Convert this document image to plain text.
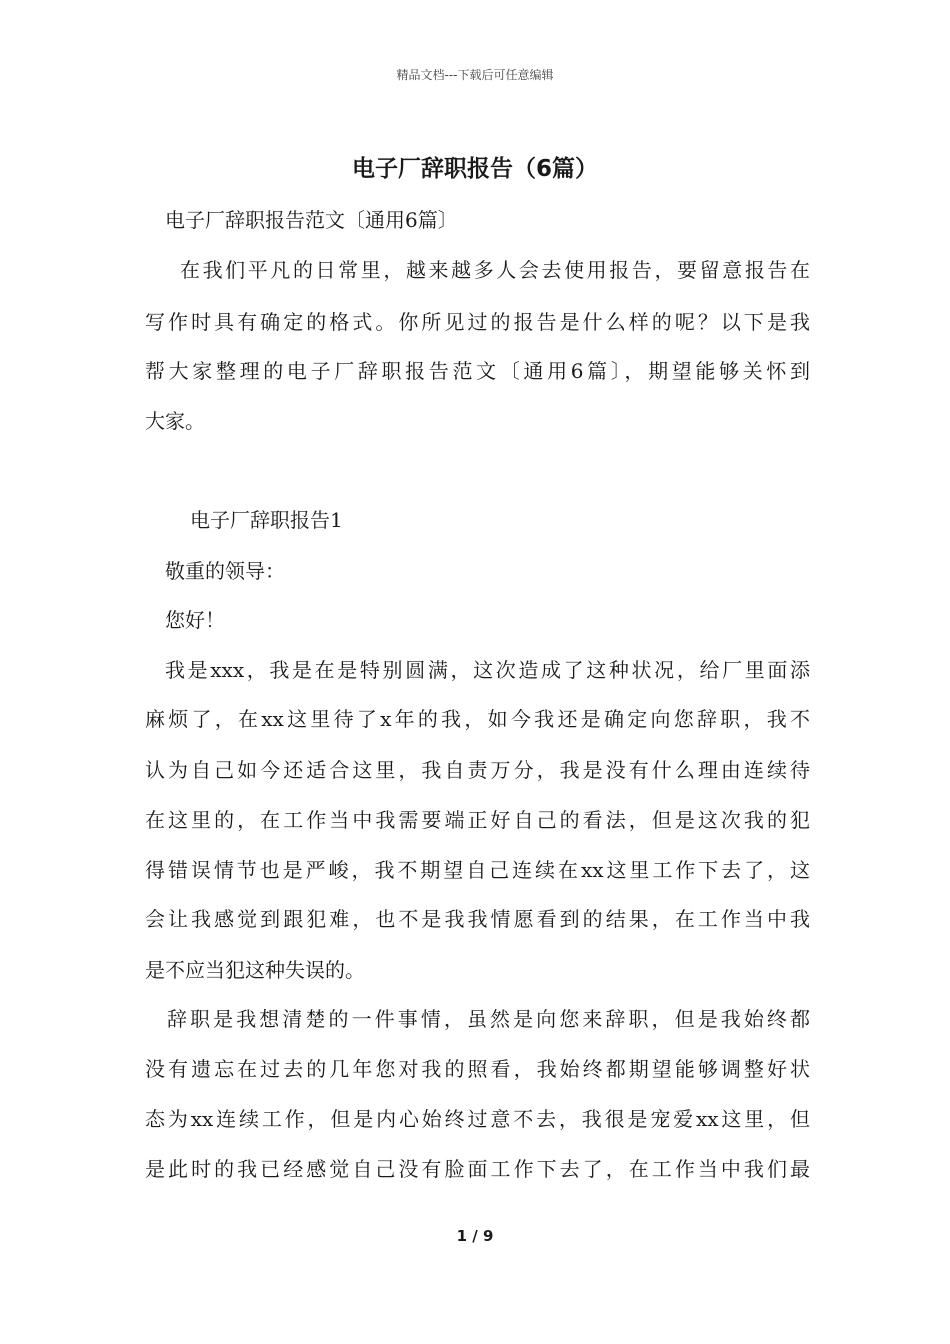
精品文档---下载后可任意编辑
电子厂辞职报告（6篇）
电子厂辞职报告范文〔通用6篇〕
在我们平凡的日常里，越来越多人会去使用报告，要留意报告在
写作时具有确定的格式。你所见过的报告是什么样的呢？以下是我
帮大家整理的电子厂辞职报告范文〔通用6篇〕，期望能够关怀到
大家。
电子厂辞职报告1
敬重的领导：
您好！
我是xxx，我是在是特别圆满，这次造成了这种状况，给厂里面添
麻烦了，在xx这里待了x年的我，如今我还是确定向您辞职，我不
认为自己如今还适合这里，我自责万分，我是没有什么理由连续待
在这里的，在工作当中我需要端正好自己的看法，但是这次我的犯
得错误情节也是严峻，我不期望自己连续在xx这里工作下去了，这
会让我感觉到跟犯难，也不是我我情愿看到的结果，在工作当中我
是不应当犯这种失误的。
辞职是我想清楚的一件事情，虽然是向您来辞职，但是我始终都
没有遗忘在过去的几年您对我的照看，我始终都期望能够调整好状
态为xx连续工作，但是内心始终过意不去，我很是宠爱xx这里，但
是此时的我已经感觉自己没有脸面工作下去了，在工作当中我们最
1 / 9
